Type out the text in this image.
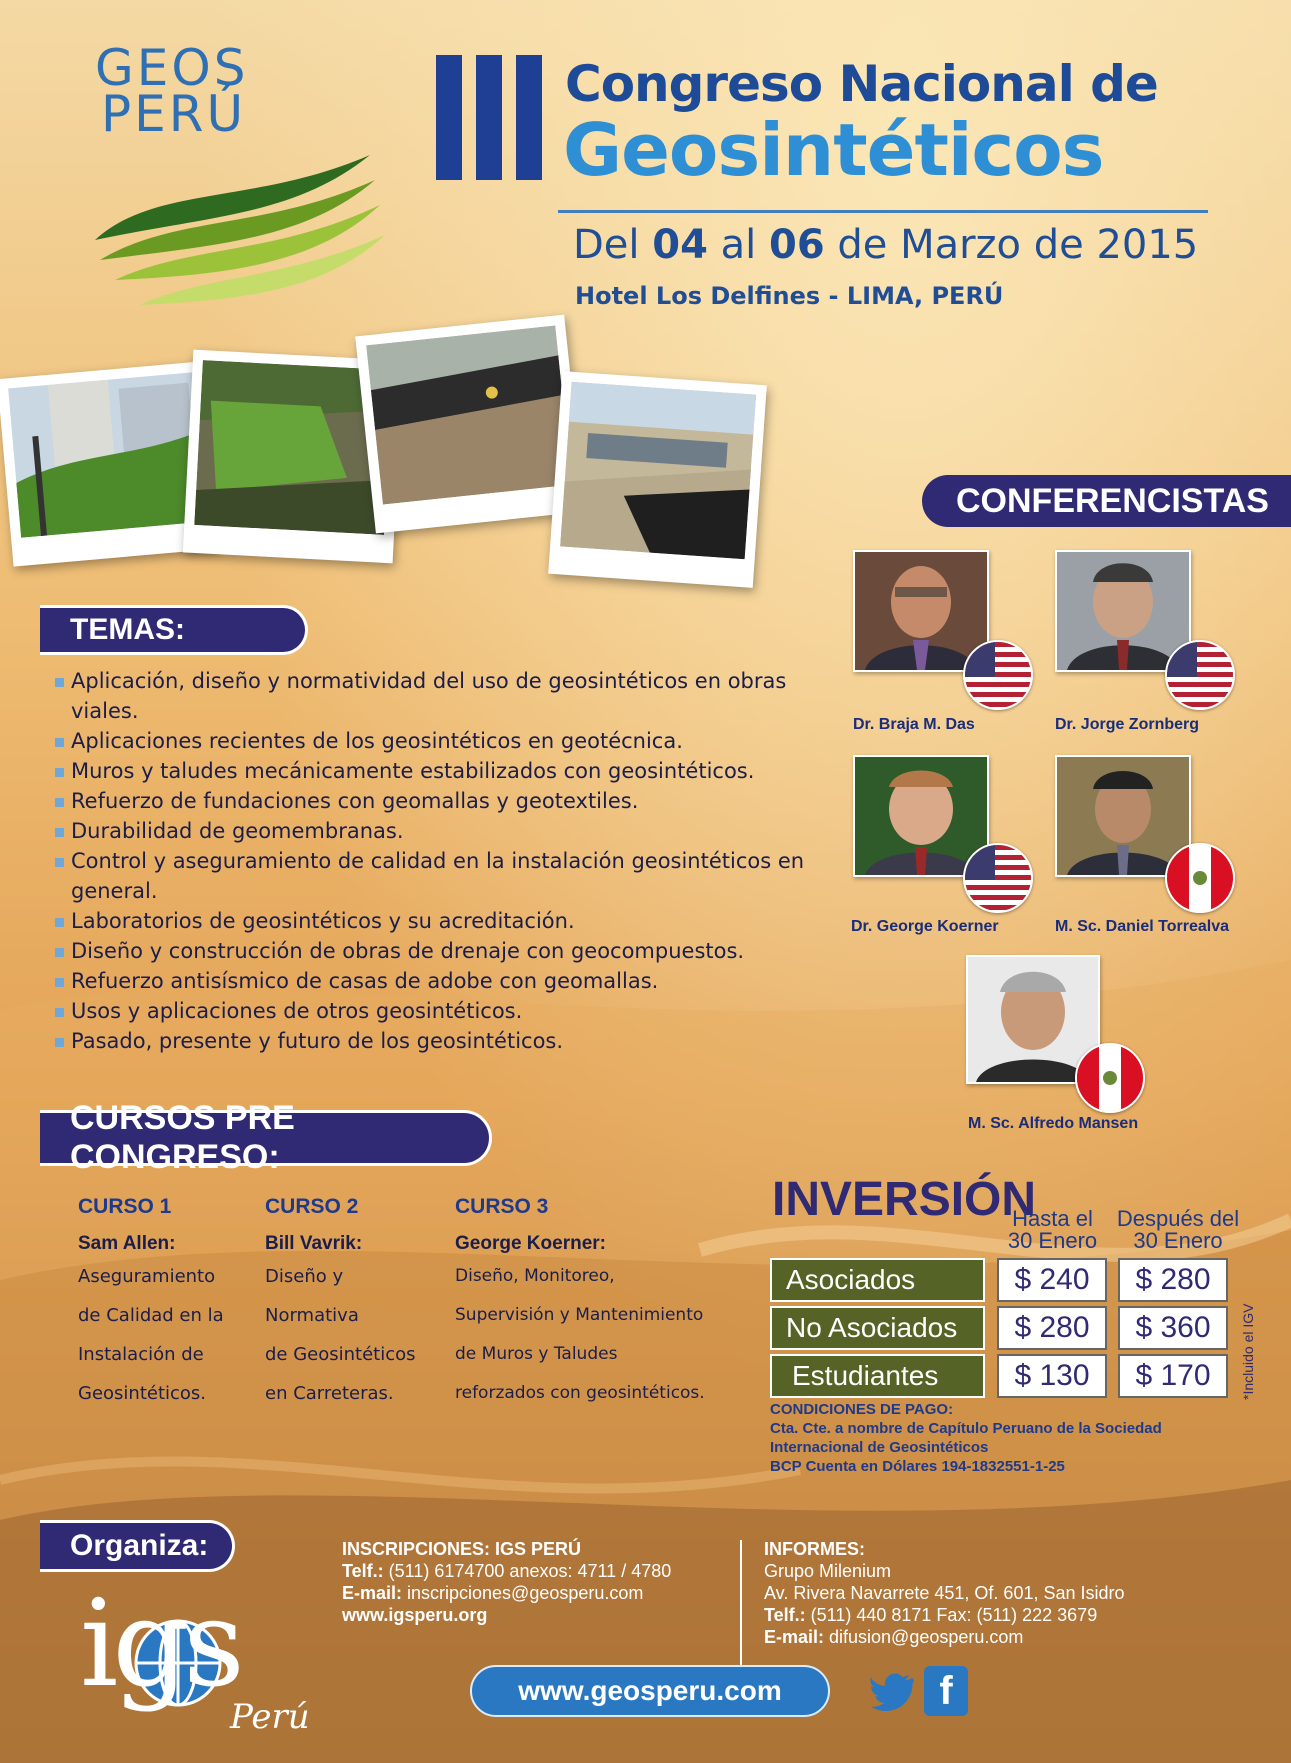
GEOS
PERÚ
Congreso Nacional de
Geosintéticos
Del 04 al 06 de Marzo de 2015
Hotel Los Delfines - LIMA, PERÚ
CONFERENCISTAS
Dr. Braja M. Das	Dr. Jorge Zornberg
Dr. George Koerner	M. Sc. Daniel Torrealva
M. Sc. Alfredo Mansen
TEMAS:
Aplicación, diseño y normatividad del uso de geosintéticos en obras viales.
Aplicaciones recientes de los geosintéticos en geotécnica.
Muros y taludes mecánicamente estabilizados con geosintéticos.
Refuerzo de fundaciones con geomallas y geotextiles.
Durabilidad de geomembranas.
Control y aseguramiento de calidad en la instalación geosintéticos en general.
Laboratorios de geosintéticos y su acreditación.
Diseño y construcción de obras de drenaje con geocompuestos.
Refuerzo antisísmico de casas de adobe con geomallas.
Usos y aplicaciones de otros geosintéticos.
Pasado, presente y futuro de los geosintéticos.
CURSOS PRE CONGRESO:
CURSO 1
Sam Allen:
Aseguramiento
de Calidad en la
Instalación de
Geosintéticos.
CURSO 2
Bill Vavrik:
Diseño y
Normativa
de Geosintéticos
en Carreteras.
CURSO 3
George Koerner:
Diseño, Monitoreo,
Supervisión y Mantenimiento
de Muros y Taludes
reforzados con geosintéticos.
INVERSIÓN
Hasta el
30 Enero
Después del
30 Enero
Asociados	$ 240	$ 280
No Asociados	$ 280	$ 360
Estudiantes	$ 130	$ 170	*Incluido el IGV
CONDICIONES DE PAGO:
Cta. Cte. a nombre de Capítulo Peruano de la Sociedad
Internacional de Geosintéticos
BCP Cuenta en Dólares 194-1832551-1-25
Organiza:
igs
Perú
INSCRIPCIONES: IGS PERÚ
Telf.: (511) 6174700 anexos: 4711 / 4780
E-mail: inscripciones@geosperu.com
www.igsperu.org
INFORMES:
Grupo Milenium
Av. Rivera Navarrete 451, Of. 601, San Isidro
Telf.: (511) 440 8171 Fax: (511) 222 3679
E-mail: difusion@geosperu.com
www.geosperu.com	f
